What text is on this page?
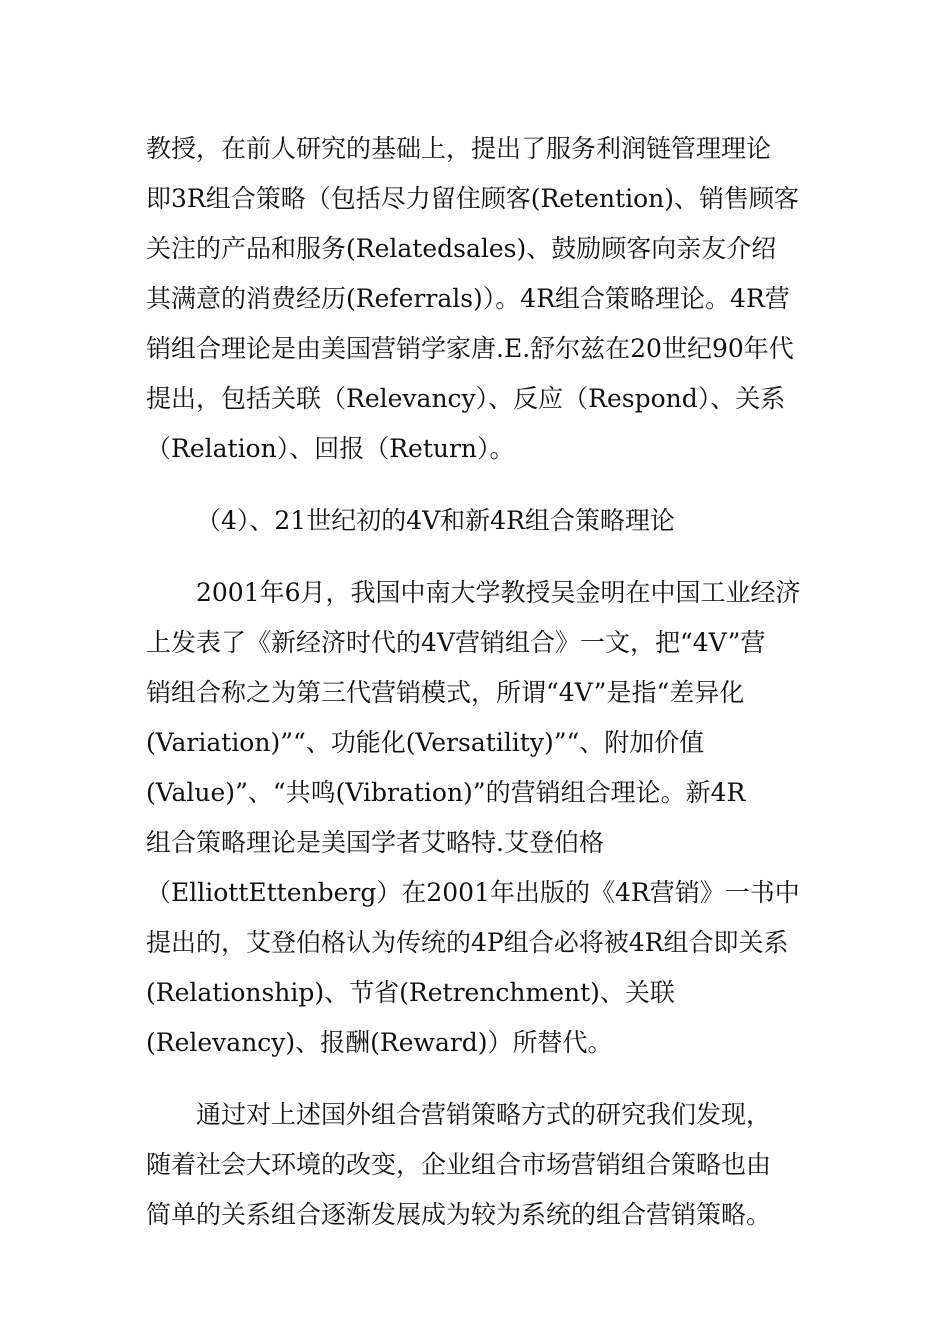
教授，在前人研究的基础上，提出了服务利润链管理理论
即3R组合策略（包括尽力留住顾客(Retention)、销售顾客
关注的产品和服务(Relatedsales)、鼓励顾客向亲友介绍
其满意的消费经历(Referrals)）。4R组合策略理论。4R营
销组合理论是由美国营销学家唐.E.舒尔兹在20世纪90年代
提出，包括关联（Relevancy）、反应（Respond）、关系
（Relation）、回报（Return）。
（4）、21世纪初的4V和新4R组合策略理论
2001年6月，我国中南大学教授吴金明在中国工业经济
上发表了《新经济时代的4V营销组合》一文，把“4V”营
销组合称之为第三代营销模式，所谓“4V”是指“差异化
(Variation)”“、功能化(Versatility)”“、附加价值
(Value)”、“共鸣(Vibration)”的营销组合理论。新4R
组合策略理论是美国学者艾略特.艾登伯格
（ElliottEttenberg）在2001年出版的《4R营销》一书中
提出的，艾登伯格认为传统的4P组合必将被4R组合即关系
(Relationship)、节省(Retrenchment)、关联
(Relevancy)、报酬(Reward)）所替代。
通过对上述国外组合营销策略方式的研究我们发现，
随着社会大环境的改变，企业组合市场营销组合策略也由
简单的关系组合逐渐发展成为较为系统的组合营销策略。
